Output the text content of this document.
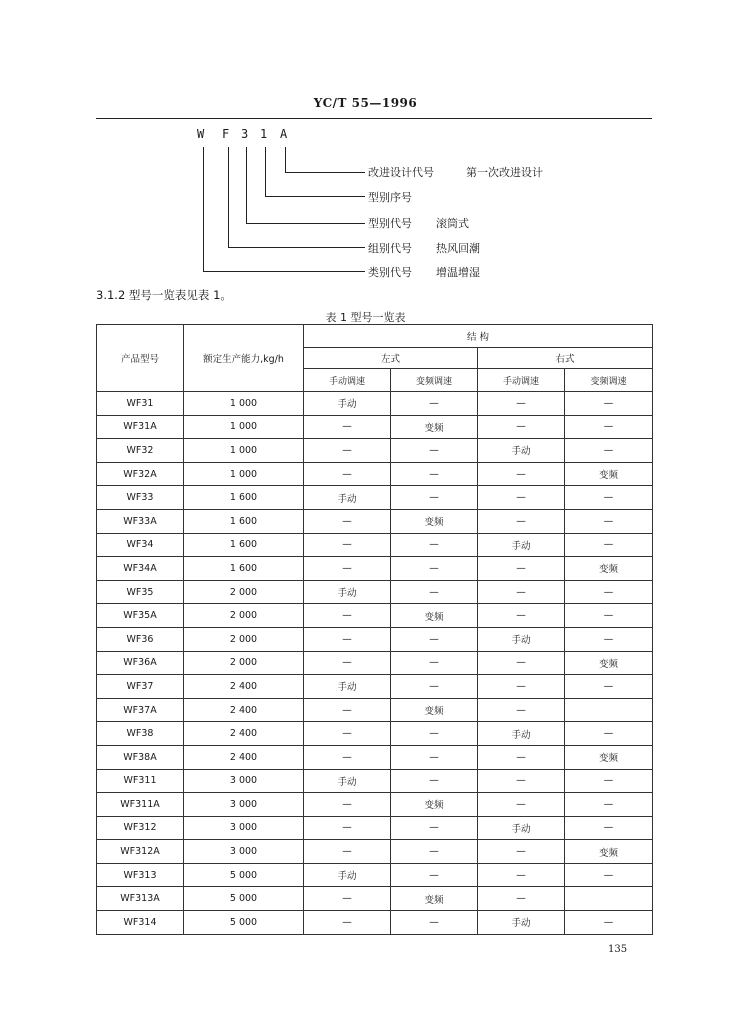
YC/T 55—1996
W F 3 1 A
改进设计代号	第一次改进设计
型别序号
型别代号 滚筒式
组别代号 热风回潮
类别代号 增温增湿
3.1.2 型号一览表见表 1。
表 1 型号一览表
产品型号	额定生产能力,kg/h	结 构			
		左式		右式	
		手动调速	变频调速	手动调速	变频调速
WF31	1 000	手动	—	—	—
WF31A	1 000	—	变频	—	—
WF32	1 000	—	—	手动	—
WF32A	1 000	—	—	—	变频
WF33	1 600	手动	—	—	—
WF33A	1 600	—	变频	—	—
WF34	1 600	—	—	手动	—
WF34A	1 600	—	—	—	变频
WF35	2 000	手动	—	—	—
WF35A	2 000	—	变频	—	—
WF36	2 000	—	—	手动	—
WF36A	2 000	—	—	—	变频
WF37	2 400	手动	—	—	—
WF37A	2 400	—	变频	—	
WF38	2 400	—	—	手动	—
WF38A	2 400	—	—	—	变频
WF311	3 000	手动	—	—	—
WF311A	3 000	—	变频	—	—
WF312	3 000	—	—	手动	—
WF312A	3 000	—	—	—	变频
WF313	5 000	手动	—	—	—
WF313A	5 000	—	变频	—	
WF314	5 000	—	—	手动	—
135
